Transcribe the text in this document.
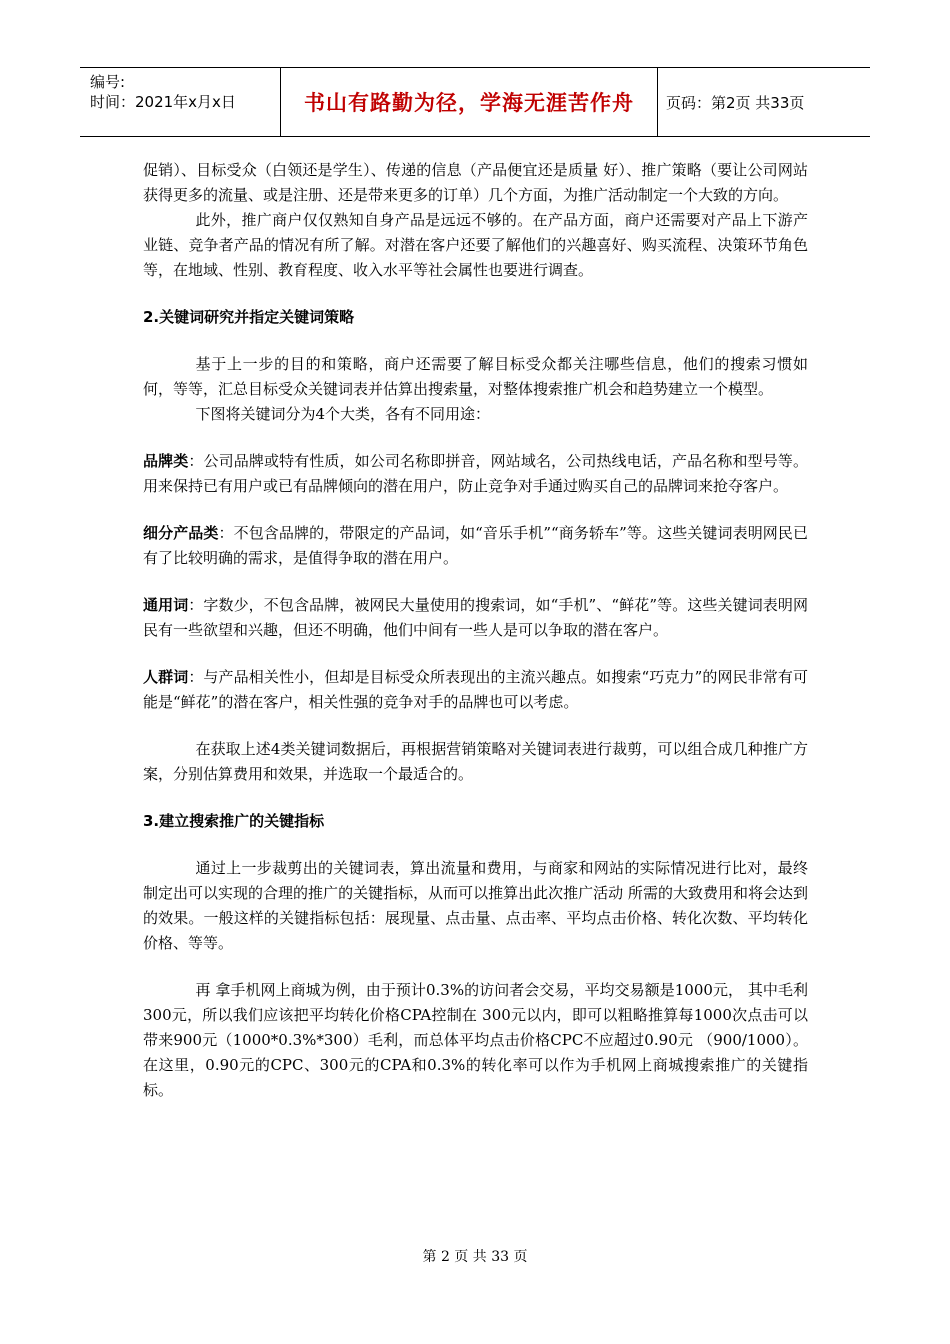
编号:
时间：2021年x月x日	书山有路勤为径，学海无涯苦作舟	页码：第2页 共33页

促销）、目标受众（白领还是学生）、传递的信息（产品便宜还是质量 好）、推广策略（要让公司网站获得更多的流量、或是注册、还是带来更多的订单）几个方面，为推广活动制定一个大致的方向。

此外，推广商户仅仅熟知自身产品是远远不够的。在产品方面，商户还需要对产品上下游产业链、竞争者产品的情况有所了解。对潜在客户还要了解他们的兴趣喜好、购买流程、决策环节角色等，在地域、性别、教育程度、收入水平等社会属性也要进行调查。

2.关键词研究并指定关键词策略

基于上一步的目的和策略，商户还需要了解目标受众都关注哪些信息，他们的搜索习惯如何，等等，汇总目标受众关键词表并估算出搜索量，对整体搜索推广机会和趋势建立一个模型。

下图将关键词分为4个大类，各有不同用途：

品牌类：公司品牌或特有性质，如公司名称即拼音，网站域名，公司热线电话，产品名称和型号等。用来保持已有用户或已有品牌倾向的潜在用户，防止竞争对手通过购买自己的品牌词来抢夺客户。

细分产品类：不包含品牌的，带限定的产品词，如“音乐手机”“商务轿车”等。这些关键词表明网民已有了比较明确的需求，是值得争取的潜在用户。

通用词：字数少，不包含品牌，被网民大量使用的搜索词，如“手机”、“鲜花”等。这些关键词表明网民有一些欲望和兴趣，但还不明确，他们中间有一些人是可以争取的潜在客户。

人群词：与产品相关性小，但却是目标受众所表现出的主流兴趣点。如搜索“巧克力”的网民非常有可能是“鲜花”的潜在客户，相关性强的竞争对手的品牌也可以考虑。

在获取上述4类关键词数据后，再根据营销策略对关键词表进行裁剪，可以组合成几种推广方案，分别估算费用和效果，并选取一个最适合的。

3.建立搜索推广的关键指标

通过上一步裁剪出的关键词表，算出流量和费用，与商家和网站的实际情况进行比对，最终制定出可以实现的合理的推广的关键指标，从而可以推算出此次推广活动 所需的大致费用和将会达到的效果。一般这样的关键指标包括：展现量、点击量、点击率、平均点击价格、转化次数、平均转化价格、等等。

再 拿手机网上商城为例，由于预计0.3%的访问者会交易，平均交易额是1000元， 其中毛利300元，所以我们应该把平均转化价格CPA控制在 300元以内，即可以粗略推算每1000次点击可以带来900元（1000*0.3%*300）毛利，而总体平均点击价格CPC不应超过0.90元 （900/1000）。在这里，0.90元的CPC、300元的CPA和0.3%的转化率可以作为手机网上商城搜索推广的关键指标。

第 2 页 共 33 页
